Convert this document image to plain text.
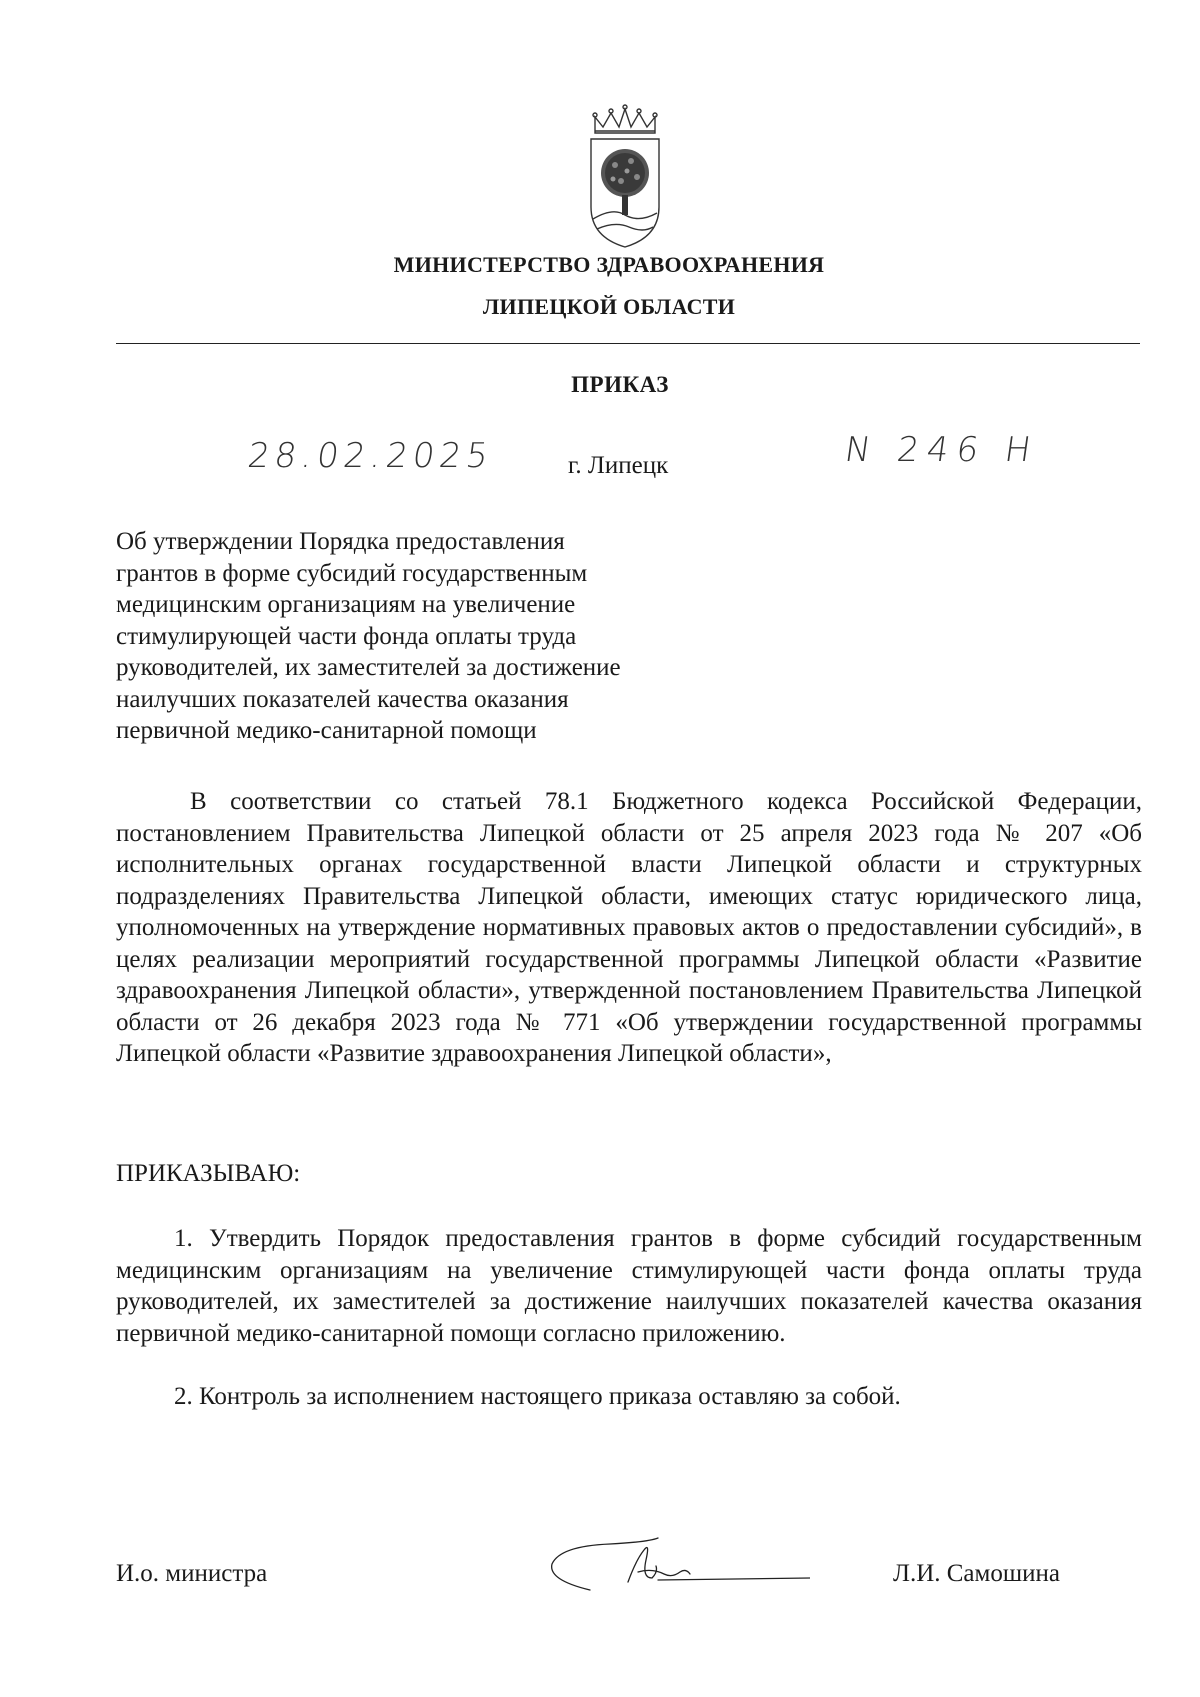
МИНИСТЕРСТВО ЗДРАВООХРАНЕНИЯ
ЛИПЕЦКОЙ ОБЛАСТИ
ПРИКАЗ
28.02.2025	г. Липецк	N 246 Н
Об утверждении Порядка предоставления
грантов в форме субсидий государственным
медицинским организациям на увеличение
стимулирующей части фонда оплаты труда
руководителей, их заместителей за достижение
наилучших показателей качества оказания
первичной медико-санитарной помощи
В соответствии со статьей 78.1 Бюджетного кодекса Российской Федерации, постановлением Правительства Липецкой области от 25 апреля 2023 года № 207 «Об исполнительных органах государственной власти Липецкой области и структурных подразделениях Правительства Липецкой области, имеющих статус юридического лица, уполномоченных на утверждение нормативных правовых актов о предоставлении субсидий», в целях реализации мероприятий государственной программы Липецкой области «Развитие здравоохранения Липецкой области», утвержденной постановлением Правительства Липецкой области от 26 декабря 2023 года № 771 «Об утверждении государственной программы Липецкой области «Развитие здравоохранения Липецкой области»,
ПРИКАЗЫВАЮ:
1. Утвердить Порядок предоставления грантов в форме субсидий государственным медицинским организациям на увеличение стимулирующей части фонда оплаты труда руководителей, их заместителей за достижение наилучших показателей качества оказания первичной медико-санитарной помощи согласно приложению.
2. Контроль за исполнением настоящего приказа оставляю за собой.
И.о. министра	Л.И. Самошина
